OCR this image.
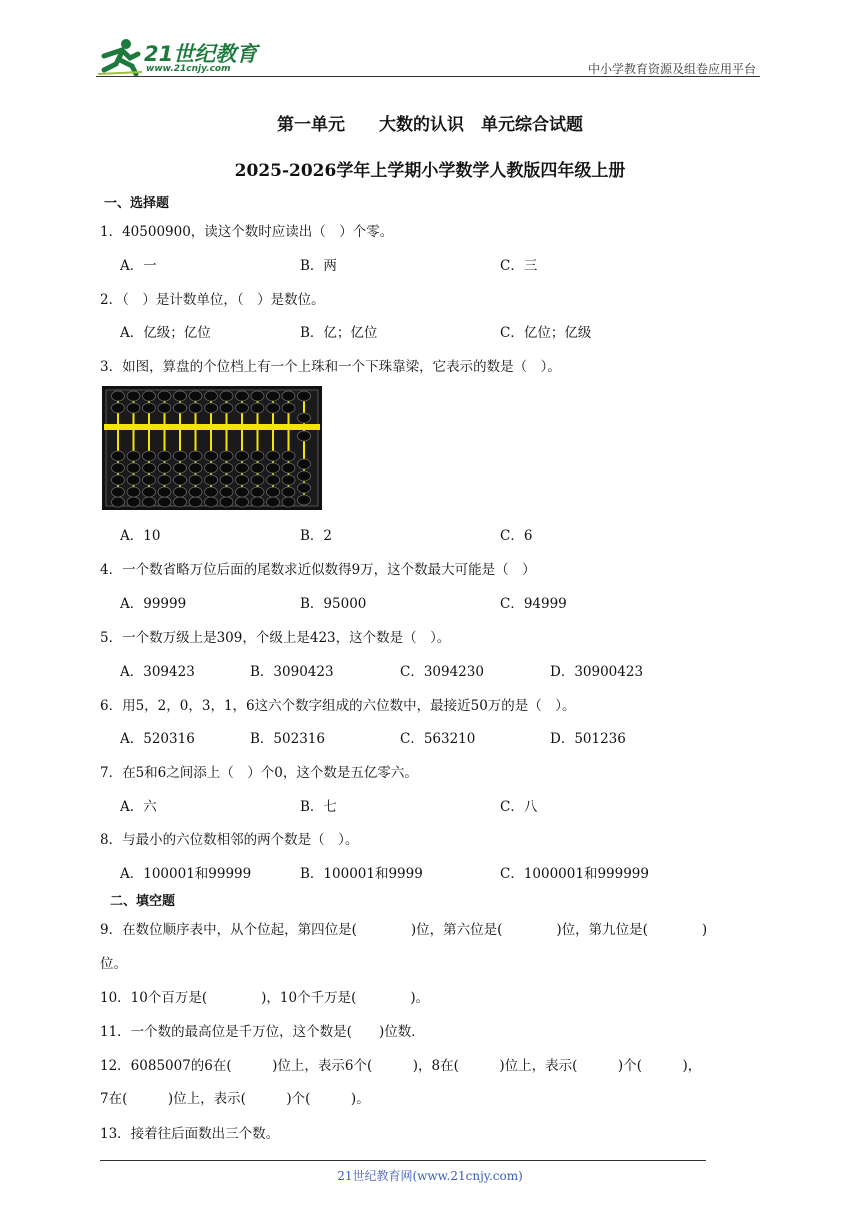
21世纪教育
www.21cnjy.com	中小学教育资源及组卷应用平台
第一单元　　大数的认识　单元综合试题
2025-2026学年上学期小学数学人教版四年级上册
一、选择题
1．40500900，读这个数时应读出（　）个零。
A．一	B．两	C．三
2．（　）是计数单位，（　）是数位。
A．亿级；亿位	B．亿；亿位	C．亿位；亿级
3．如图，算盘的个位档上有一个上珠和一个下珠靠梁，它表示的数是（　）。
A．10	B．2	C．6
4．一个数省略万位后面的尾数求近似数得9万，这个数最大可能是（　）
A．99999	B．95000	C．94999
5．一个数万级上是309，个级上是423，这个数是（　）。
A．309423	B．3090423	C．3094230	D．30900423
6．用5，2，0，3，1，6这六个数字组成的六位数中，最接近50万的是（　）。
A．520316	B．502316	C．563210	D．501236
7．在5和6之间添上（　）个0，这个数是五亿零六。
A．六	B．七	C．八
8．与最小的六位数相邻的两个数是（　）。
A．100001和99999	B．100001和9999	C．1000001和999999
二、填空题
9．在数位顺序表中，从个位起，第四位是(　　　　)位，第六位是(　　　　)位，第九位是(　　　　)
位。
10．10个百万是(　　　　)，10个千万是(　　　　)。
11．一个数的最高位是千万位，这个数是(　　)位数．
12．6085007的6在(　　　)位上，表示6个(　　　)，8在(　　　)位上，表示(　　　)个(　　　)，
7在(　　　)位上，表示(　　　)个(　　　)。
13．接着往后面数出三个数。
21世纪教育网(www.21cnjy.com)
